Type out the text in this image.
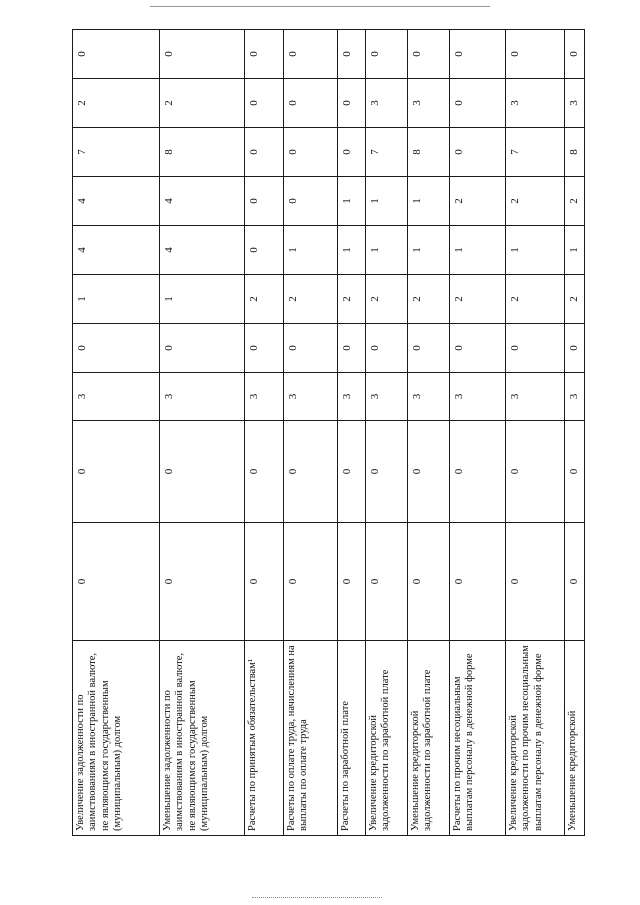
Увеличение задолженности по заимствованиям в иностранной валюте, не являющимся государственным (муниципальным) долгом	0	0	3	0	1	4	4	7	2	0
Уменьшение задолженности по заимствованиям в иностранной валюте, не являющимся государственным (муниципальным) долгом	0	0	3	0	1	4	4	8	2	0
Расчеты по принятым обязательствам¹	0	0	3	0	2	0	0	0	0	0
Расчеты по оплате труда, начислениям на выплаты по оплате труда	0	0	3	0	2	1	0	0	0	0
Расчеты по заработной плате	0	0	3	0	2	1	1	0	0	0
Увеличение кредиторской задолженности по заработной плате	0	0	3	0	2	1	1	7	3	0
Уменьшение кредиторской задолженности по заработной плате	0	0	3	0	2	1	1	8	3	0
Расчеты по прочим несоциальным выплатам персоналу в денежной форме	0	0	3	0	2	1	2	0	0	0
Увеличение кредиторской задолженности по прочим несоциальным выплатам персоналу в денежной форме	0	0	3	0	2	1	2	7	3	0
Уменьшение кредиторской	0	0	3	0	2	1	2	8	3	0
